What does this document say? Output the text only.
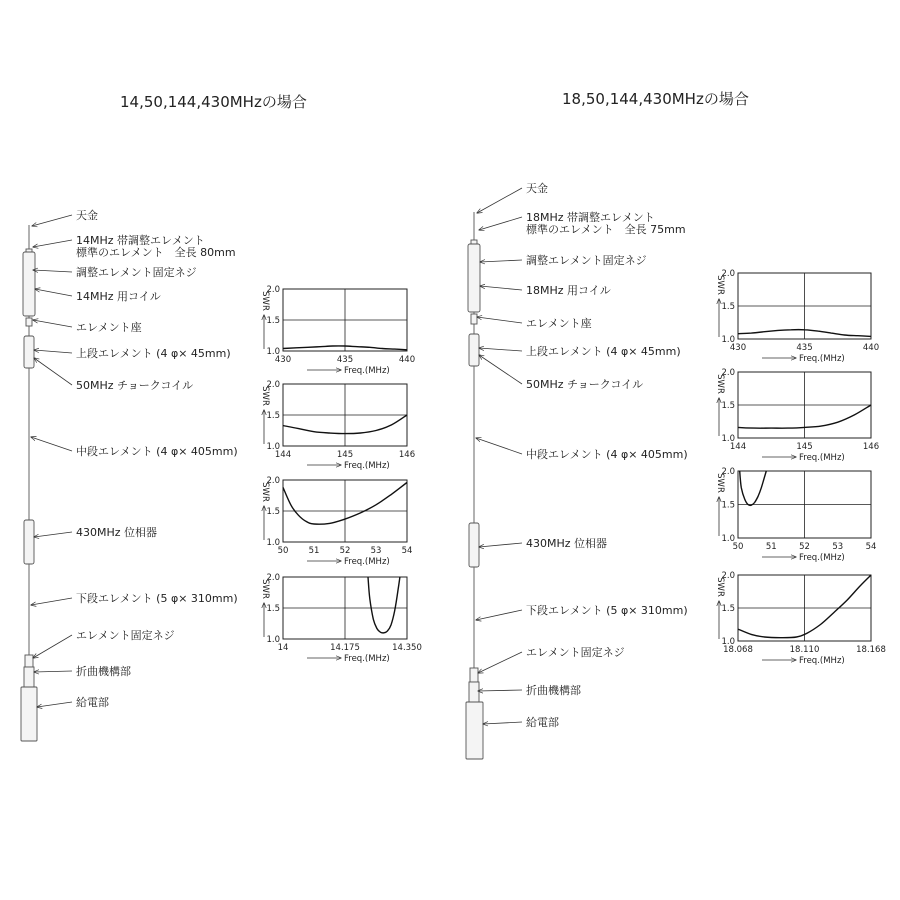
14,50,144,430MHzの場合	18,50,144,430MHzの場合
天金
14MHz 帯調整エレメント
標準のエレメント　全長 80mm
調整エレメント固定ネジ
14MHz 用コイル
エレメント座
上段エレメント (4 φ× 45mm)
50MHz チョークコイル
中段エレメント (4 φ× 405mm)
430MHz 位相器
下段エレメント (5 φ× 310mm)
エレメント固定ネジ
折曲機構部
給電部
天金
18MHz 帯調整エレメント
標準のエレメント　全長 75mm
調整エレメント固定ネジ
18MHz 用コイル
エレメント座
上段エレメント (4 φ× 45mm)
50MHz チョークコイル
中段エレメント (4 φ× 405mm)
430MHz 位相器
下段エレメント (5 φ× 310mm)
エレメント固定ネジ
折曲機構部
給電部
1.0
1.5
2.0
430	435	440
SWR
Freq.(MHz)
1.0
1.5
2.0
144	145	146
SWR
Freq.(MHz)
1.0
1.5
2.0
50 51 52 53 54
SWR
Freq.(MHz)
1.0
1.5
2.0
14	14.175	14.350
SWR
Freq.(MHz)
1.0
1.5
2.0
430	435	440
SWR
Freq.(MHz)
1.0
1.5
2.0
144	145	146
SWR
Freq.(MHz)
1.0
1.5
2.0
50	51	52	53	54
SWR
Freq.(MHz)
1.0
1.5
2.0
18.068	18.110	18.168
SWR
Freq.(MHz)
